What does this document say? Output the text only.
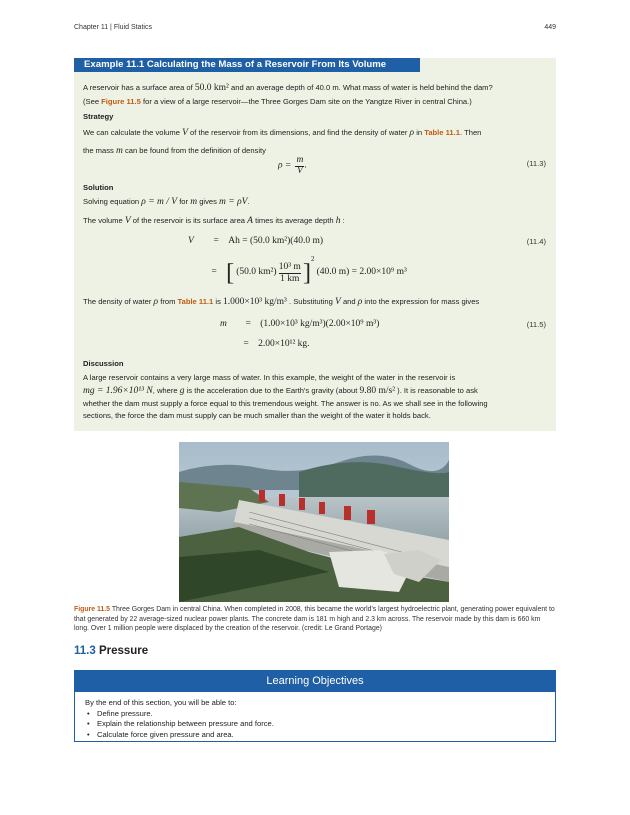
Chapter 11 | Fluid Statics	449
Example 11.1 Calculating the Mass of a Reservoir From Its Volume
A reservoir has a surface area of 50.0 km² and an average depth of 40.0 m. What mass of water is held behind the dam?
(See Figure 11.5 for a view of a large reservoir—the Three Gorges Dam site on the Yangtze River in central China.)
Strategy
We can calculate the volume V of the reservoir from its dimensions, and find the density of water ρ in Table 11.1. Then
the mass m can be found from the definition of density
$\rho = \frac{m}{V}$ .	(11.3)
Solution
Solving equation ρ = m / V for m gives m = ρV.
The volume V of the reservoir is its surface area A times its average depth h :
V = Ah = (50.0 km²)(40.0 m)	(11.4)
= [ (50.0 $km^2) \frac{\text{10³ m}}{1 km} ]^2$ (40.0 m) = 2.00×10⁹ m³
The density of water ρ from Table 11.1 is 1.000×10³ kg/m³ . Substituting V and ρ into the expression for mass gives
m = (1.00×10³ kg/m³)(2.00×10⁹ m³)	(11.5)
= 2.00×10¹² kg.
Discussion
A large reservoir contains a very large mass of water. In this example, the weight of the water in the reservoir is
mg = 1.96×10¹³ N, where g is the acceleration due to the Earth's gravity (about 9.80 m/s² ). It is reasonable to ask
whether the dam must supply a force equal to this tremendous weight. The answer is no. As we shall see in the following
sections, the force the dam must supply can be much smaller than the weight of the water it holds back.
Figure 11.5 Three Gorges Dam in central China. When completed in 2008, this became the world's largest hydroelectric plant, generating power equivalent to that generated by 22 average-sized nuclear power plants. The concrete dam is 181 m high and 2.3 km across. The reservoir made by this dam is 660 km long. Over 1 million people were displaced by the creation of the reservoir. (credit: Le Grand Portage)
11.3 Pressure
Learning Objectives
By the end of this section, you will be able to:
• Define pressure.
• Explain the relationship between pressure and force.
• Calculate force given pressure and area.
